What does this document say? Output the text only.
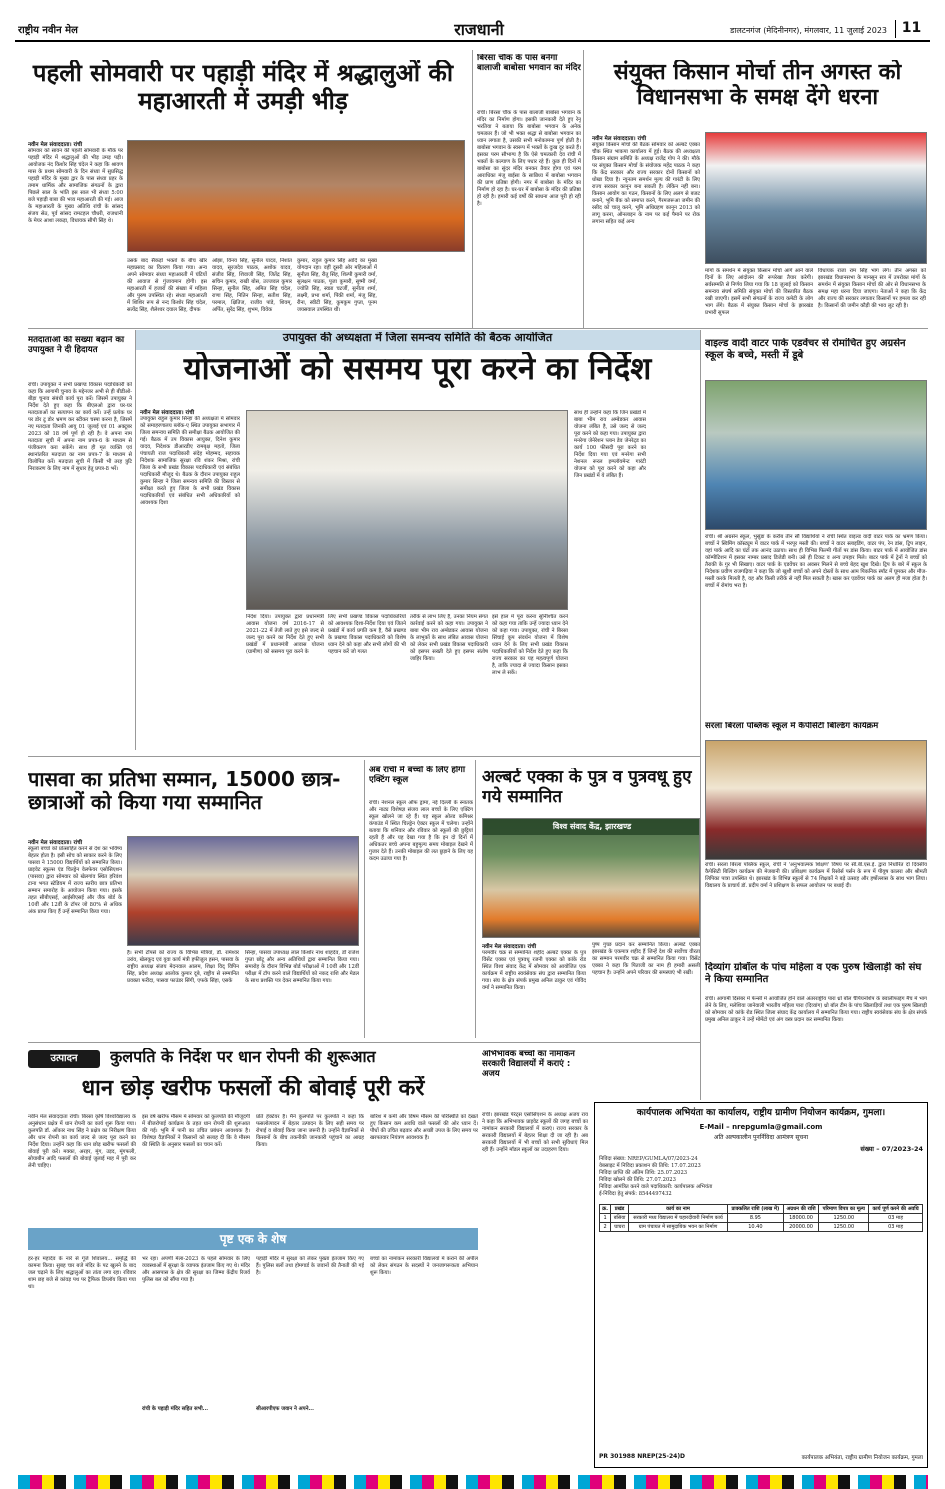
राष्ट्रीय नवीन मेल	राजधानी	डालटनगंज (मेदिनीनगर), मंगलवार, 11 जुलाई 2023	11
पहली सोमवारी पर पहाड़ी मंदिर में श्रद्धालुओं की महाआरती में उमड़ी भीड़
नवीन मेल संवाददाता। रांची
सोमवार को सावन की पहली सोमवारी के मौके पर पहाड़ी मंदिर में श्रद्धालुओं की भीड़ उमड़ पड़ी। आयोजक नंद किशोर सिंह चंदेल ने कहा कि श्रावण मास के प्रथम सोमवारी के दिन संध्या में सुप्रसिद्ध पहाड़ी मंदिर के मुख्य द्वार के पास संध्या प्रहर के तमाम धार्मिक और सामाजिक संगठनों के द्वारा पिछले साल के भांति इस साल भी संध्या 5:00 बजे पहाड़ी बाबा की भव्य महाआरती की गई। आज के महाआरती के मुख्य अतिथि रांची के सांसद संजय सेठ, पूर्व सांसद रामटहल चौधरी, राजधानी के मेयर आशा लकड़ा, विधायक सीपी सिंह थे।
उसके बाद सैकड़ों भक्तों के बीच खीर महाप्रसाद का वितरण किया गया। अन्य अपने सोमवार संध्या महाआरती में घंटियों की आवाज से गुंजायमान होगी। इस महाआरती में हजारों की संख्या में महिला और पुरुष उपस्थित रहे। संध्या महाआरती में शिशिर रूप से नन्द किशोर सिंह चंदेल, सत्येंद्र सिंह, शैलेश्वर दयाल सिंह, दीपक
ओझा, विनय सिंह, सुनील यादव, निशांत यादव, सूरजदेव पाठक, अशोक यादव, संजीव सिंह, शिवाजी सिंह, जितेंद्र सिंह, सचिन कुमार, राखी बोस, उज्जवल कुमार सिन्हा, सुनील सिंह, अमित सिंह चंदेल, राणा सिंह, नितिन सिन्हा, सतीश सिंह, परमाल, क्षितिज, राजीव पांडे, शिवम्, अर्पित, सुरेंद्र सिंह, शुभम, विवेक
कुमार, राहुल कुमार सिंह आदि का मुख्य योगदान रहा। वहीं दूसरी ओर महिलाओं में सुनीता सिंह, रीतू सिंह, शिल्पी कुमारी वर्मा, सुलक्षन पाठक, पूजा कुमारी, सुष्मी वर्मा, ज्योति सिंह, स्वप्ना चटर्जी, सुनीता शर्मा, लक्ष्मी, प्रभा शर्मा, पिंकी शर्मा, मंजू सिंह, रीना, स्वीटी सिंह, कुमकुम गुप्ता, पूनम जयसवाल उपस्थित थीं।
बिरसा चौक के पास बनेगा बालाजी बाबोसा भगवान का मंदिर
रांची। बिरसा चौक के पास बालाजी बाबोसा भगवान के मंदिर का निर्माण होगा। इसकी जानकारी देते हुए रेनू भरतिया ने बताया कि बाबोसा भगवान के अनेक चमत्कार हैं। जो भी भक्त श्रद्धा से बाबोसा भगवान का ध्यान लगाता है, उसकी सभी मनोकामना पूर्ण होती है। बाबोसा भगवान के स्वरूप में भक्तों के दुःख दूर करते हैं। इसका परम सौभाग्य है कि ऐसे चमत्कारी देव रांची में भक्तों के कल्याण के लिए पधार रहे हैं। कुछ ही दिनों में बाबोसा का सुंदर मंदिर बनकर तैयार होगा एवं परम आराधिका मंजू बाईसा के सान्निध्य में बाबोसा भगवान की प्राण प्रतिष्ठा होगी। नगर में बाबोसा के मंदिर का निर्माण हो रहा है। घर-घर में बाबोसा के मंदिर की प्रतिष्ठा हो रही है। हमारी कई वर्षों की साधना आज पूरी हो रही है।
संयुक्त किसान मोर्चा तीन अगस्त को विधानसभा के समक्ष देंगे धरना
नवीन मेल संवाददाता। रांची
संयुक्त किसान मोर्चा की बैठक सोमवार को अल्बर्ट एक्का चौक स्थित भाकपा कार्यालय में हुई। बैठक की अध्यक्षता किसान संग्राम समिति के अध्यक्ष राजेंद्र गोप ने की। मौके पर संयुक्त किसान मोर्चा के संयोजक महेंद्र पाठक ने कहा कि केंद्र सरकार और राज्य सरकार दोनों किसानों को धोखा दिया है। न्यूनतम समर्थन मूल्य की गारंटी के लिए राज्य सरकार कानून बना सकती है। लेकिन नहीं बना। किसान आयोग का गठन, किसानों के लिए अलग से बजट बनाने, भूमि बैंक को समाप्त करने, गैरमजरूआ जमीन की रसीद को चालू करने, भूमि अधिग्रहण कानून 2013 को लागू करना, ऑनलाइन के नाम पर कई पैमाने पर रोक लगाना सहित कई अन्य
मांगों के समर्थन में संयुक्त किसान मोर्चा आगे आने वाले दिनों के लिए आंदोलन की रूपरेखा तैयार करेगी। सर्वसम्मति से निर्णय लिया गया कि 18 जुलाई को किसान समन्वय संघर्ष समिति संयुक्त मोर्चा की विस्तारित बैठक रखी जाएगी। इसमें सभी संगठनों के राज्य कमेटी के लोग भाग लेंगे। बैठक में संयुक्त किसान मोर्चा के झारखंड प्रभारी सुफल
विधायक राजा राम सिंह भाग लेंगे। तीन अगस्त को झारखंड विधानसभा के मानसून सत्र में उपरोक्त मांगों के समर्थन में संयुक्त किसान मोर्चा की ओर से विधानसभा के समक्ष महा धरना दिया जाएगा। नेताओं ने कहा कि केंद्र और राज्य की सरकार लगातार किसानों पर हमला कर रही है। किसानों की जमीन कौड़ी की भाव लूट रही है।
मतदाताओं की संख्या बढ़ाने का उपायुक्त ने दी हिदायत
रांची। उपायुक्त ने सभी प्रखण्ड विकास पदाधिकारी को कहा कि आगामी चुनाव के मद्देनजर अभी से ही बीडीओ-बीड़ा चुनाव संबंधी कार्य पूरा करें। जिसमें उपायुक्त ने निर्देश देते हुए कहा कि बीएलओ द्वारा घर-घर मतदाताओं का सत्यापन का कार्य करें। उन्हें प्रत्येक घर पर डोर टू डोर भ्रमण कर स्टीकर चस्पा करना है, जिसमें नए मतदाता जिनकी आयु 01 जुलाई एवं 01 अक्टूबर 2023 को 18 वर्ष पूर्ण हो रही है। वे अपना नाम मतदाता सूची में अपना नाम प्रपत्र-6 के माध्यम से पंजीकरण करा सकेंगे। साथ ही मृत व्यक्ति एवं स्थानांतरित मतदाता का नाम प्रपत्र-7 के माध्यम से विलोपित करें। मतदाता सूची में किसी भी तरह त्रुटि निराकरण के लिए नाम में सुधार हेतु प्रपत्र-8 भरें।
उपायुक्त की अध्यक्षता में जिला समन्वय समिति की बैठक आयोजित
योजनाओं को ससमय पूरा करने का निर्देश
नवीन मेल संवाददाता। रांची
उपायुक्त राहुल कुमार सिन्हा की अध्यक्षता में सोमवार को समाहरणालय ब्लॉक-ए स्थित उपायुक्त सभागार में जिला समन्वय समिति की समीक्षा बैठक आयोजित की गई। बैठक में उप विकास आयुक्त, दिनेश कुमार यादव, निदेशक डीआरडीए रामबृक्ष महतो, जिला पंचायती राज पदाधिकारी संदेह मोहम्मद, सहायक निदेशक सामाजिक सुरक्षा रवि शंकर मिश्रा, रांची जिला के सभी प्रखंड विकास पदाधिकारी एवं संबंधित पदाधिकारी मौजूद थे। बैठक के दौरान उपायुक्त राहुल कुमार सिन्हा ने जिला समन्वय समिति की विस्तार से समीक्षा करते हुए जिला के सभी प्रखंड विकास पदाधिकारियों एवं संबंधित सभी अधिकारियों को आवश्यक दिशा
निर्देश दिया। उपायुक्त द्वारा प्रधानमंत्री आवास योजना वर्ष 2016-17 से 2021-22 में तेजी लाते हुए इसे जल्द से जल्द पूरा करने का निर्देश देते हुए सभी प्रखंडों में प्रधानमंत्री आवास योजना (ग्रामीण) को ससमय पूरा करने के
लिए सभी प्रखण्ड विकास पदाधिकारियों को आवश्यक दिशा-निर्देश दिया एवं जितने प्रखंडों में कार्य प्रगति कम है, वैसे प्रखण्ड के प्रखण्ड विकास पदाधिकारी को विशेष ध्यान देने को कहा और सभी लोगों की भी पहचान करें जो गलत
तरीके से लाभ लिए हैं, उनका नियम संगत कार्रवाई करने को कहा गया। उपायुक्त ने बाबा भीम राव अम्बेडकर आवास योजना के लाभुकों के साथ लंबित आवास योजना को लेकर सभी प्रखंड विकास पदाधिकारी को इसपर सख्ती देते हुए इसपर संतोष जाहिर किया।
साथ ही उन्होंने कहा कि जिन प्रखंडों में बाबा भीम राव अम्बेडकर आवास योजना लंबित है, उसे जल्द से जल्द पूरा करने को कहा गया। उपायुक्त द्वारा मनरेगा जेनेरेशन प्लान डेव जेनरेट्ड का कार्य 100 फीसदी पूरा करने का निर्देश दिया गया एवं मनरेगा सभी नेशनल रूरल इम्प्लॉयमेन्ट गारंटी योजना को पूरा करने को कहा और जिन प्रखंडों में ये लंबित हैं।
इसे हाल में पूरा करना सुनिश्चित करने को कहा गया ताकि उन्हें ज्यादा ध्यान देने को कहा गया। उपायुक्त, रांची ने बिरसा सिंचाई कूप संवर्धन योजना में विशेष ध्यान देने के लिए सभी प्रखंड विकास पदाधिकारियों को निर्देश देते हुए कहा कि राज्य सरकार का यह महत्वपूर्ण योजना है, ताकि ज्यादा से ज्यादा किसान इसका लाभ ले सकें।
वाइल्ड वादी वाटर पार्क एडवेंचर से रोमांचित हुए अग्रसेन स्कूल के बच्चे, मस्ती में डूबे
रांची। श्री अग्रसेन स्कूल, भुसुंडा के करीब तीन सौ विद्यार्थियों ने रांची स्थित वाइल्ड वादी वाटर पार्क का भ्रमण किया। बच्चों ने स्विमिंग कॉस्ट्यूम में वाटर पार्क में भरपूर मस्ती की। बच्चों ने वाटर स्लाइडिंग, वाटर पंप, रेन डांस, ट्रिप लाइन, वहां पार्क आदि का घंटों तक आनंद उठाया। साथ ही विभिन्न फिल्मी गीतों पर डांस किया। बाटर पार्क में आयोजित डांस कॉम्पीटिशन में इसका नाम्बर प्रसाद डिजेडी बनी। उसे ही टिकट व अन्य उपहार मिले। बाटर पार्क में ट्रेनों ने बच्चों को तैराकी के गुर भी सिखाए। वाटर पार्क के एडवेंचर का अवसर मिलने से बच्चे बेहद खुश दिखे। ट्रिप के बारे में स्कूल के निदेशक प्रवीण राजगढ़िया ने कहा कि जो खुशी बच्चों को अपने दोस्तों के साथ आम पिकनिक स्पॉट में घूमकर और मौज-मस्ती करके मिलती है, वह और किसी तरीके से नहीं मिल सकती है। खास कर एडवेंचर पार्क का अलग ही मजा होता है। बच्चों में रोमांच भरा है।
सरला बिरला पब्लिक स्कूल में कैपेसिटी बिल्डिंग कार्यक्रम
रांची। सरला बिरला पब्लिक स्कूल, रांची ने 'अनुभवात्मक शिक्षण' विषय पर सी.बी.एस.ई. द्वारा निर्धारित दो दिवसीय कैपेसिटी बिल्डिंग कार्यक्रम की मेजबानी की। प्रशिक्षण कार्यक्रम में रिसोर्स पर्सन के रूप में पीयूष कालरा और श्रीमती लिपिका पात्रा उपस्थित थे। झारखंड के विभिन्न स्कूलों से 74 शिक्षकों ने बड़े उत्साह और हर्षोल्लास के साथ भाग लिया। विद्यालय के प्राचार्य डॉ. प्रदीप वर्मा ने प्रशिक्षण के सफल आयोजन पर बधाई दी।
दिव्यांग ग्रोबॉल के पांच महिला व एक पुरुष खिलाड़ी को संघ ने किया सम्मानित
रांची। आगामी दिसंबर में फेन्सी में आयोजित होने वाले अंतरराष्ट्रीय पारा थ्रो बॉल चैंपियनशिप के क्वालीफाइंग मैच में भाग लेने के लिए, मलेशिया जानेवाली भारतीय महिला पारा (दिव्यांग) थ्रो बॉल टीम के पांच खिलाड़ियों तथा एक पुरुष खिलाड़ी को सोमवार को कांके रोड स्थित जिला संघाद केंद्र कार्यालय में सम्मानित किया गया। राष्ट्रीय स्वयंसेवक संघ के क्षेत्र संपर्क प्रमुख अनिल ठाकुर ने उन्हें मोमेंटो एवं अंग वस्त्र प्रदान कर सम्मानित किया।
पासवा का प्रतिभा सम्मान, 15000 छात्र-छात्राओं को किया गया सम्मानित
नवीन मेल संवाददाता। रांची
स्कूलों बच्चों को प्रोत्साहित करने से देश का भविष्य बेहतर होता है। इसी सोच को साकार करने के लिए पासवा ने 15000 विद्यार्थियों को सम्मानित किया। प्राइवेट स्कूल्स एंड चिल्ड्रेन वेलफेयर एसोसिएशन (पासवा) द्वारा सोमवार को खेलगांव स्थित हरिवंश टाना भगत स्टेडियम में राज्य स्तरीय छात्र प्रतिभा सम्मान समारोह के आयोजन किया गया। इसके तहत सीबीएसई, आईसीएसई और जैक बोर्ड के 10वीं और 12वीं के टॉपर जो 80% से अधिक अंक प्राप्त किए हैं उन्हें सम्मानित किया गया।
है। सभी टॉपर्स को राज्य के विभिन्न मंत्रियों, डॉ. रामेश्वर उरांव, खेलकूद एवं युवा कार्य मंत्री हफीजुल हसन, पासवा के राष्ट्रीय अध्यक्ष संजय मेदनवाल आलम, शिक्षा विद् विपिन सिंह, प्रदेश अध्यक्ष आलोक कुमार दूबे, राष्ट्रीय से सम्मानित प्रवक्ता फरीदा, पासवा फाउंडर सिंगी, एफके सिंहा, एसके
सिन्हा, पासवा उपाध्यक्ष लाल किशोर नाथ शाहदेव, डॉ राजेश गुप्ता छोटू और अन्य अतिथियों द्वारा सम्मानित किया गया। समारोह के दौरान विभिन्न बोर्ड परीक्षाओं में 10वीं और 12वीं परीक्षा में टॉप करने वाले विद्यार्थियों को नकद राशि और मेडल के साथ प्रशस्ति पत्र देकर सम्मानित किया गया।
अब रांची में बच्चों के लिए होगा एक्टिंग स्कूल
रांची। नेशनल स्कूल ऑफ ड्रामा, नई दिल्ली के स्नातक और नाट्य विशेषज्ञ संजय लाल बच्चों के लिए एक्टिंग स्कूल खोलने जा रहे हैं। यह स्कूल ओल्ड कमिश्नर कंपाउंड में स्थित चिल्ड्रेन ऐक्टर स्कूल में चलेगा। उन्होंने बताया कि शनिवार और रविवार को स्कूलों की छुट्टियां रहती हैं और यह देखा गया है कि इन दो दिनों में अधिकतर बच्चे अपना बहुमूल्य समय मोबाइल देखने में गुजार देते हैं। उनकी मोबाइल की लत छुड़ाने के लिए यह कदम उठाया गया है।
अल्बर्ट एक्का के पुत्र व पुत्रवधू हुए गये सम्मानित
विश्व संवाद केंद्र, झारखण्ड
नवीन मेल संवाददाता। रांची
परमवीर चक्र से सम्मानित शहीद अल्बर्ट एक्का के पुत्र विंसेंट एक्का एवं पुत्रवधू रजनी एक्का को कांके रोड स्थित विश्व संवाद केंद्र में सोमवार को आयोजित एक कार्यक्रम में राष्ट्रीय स्वयंसेवक संघ द्वारा सम्मानित किया गया। संघ के क्षेत्र संपर्क प्रमुख अनिल ठाकुर एवं गोविंद वर्मा ने सम्मानित किया।
पुष्प गुच्छ प्रदान कर सम्मानित किया। अल्बर्ट एक्का झारखंड के एकमात्र शहीद हैं जिन्हें देश की सर्वोच्च वीरता का सम्मान परमवीर चक्र से सम्मानित किया गया। विंसेंट एक्का ने कहा कि पिताजी का नाम ही हमारी असली पहचान है। उन्होंने अपने परिवार की समस्याएं भी रखीं।
उत्पादन	कुलपति के निर्देश पर धान रोपनी की शुरूआत
धान छोड़ खरीफ फसलों की बोवाई पूरी करें
नवीन मेल संवाददाता रांची। बिरसा कृषि विश्वविद्यालय के अनुसंधान प्रक्षेत्र में धान रोपनी का कार्य शुरू किया गया। कुलपति डॉ. ओंकार नाथ सिंह ने प्रक्षेत्र का निरीक्षण किया और धान रोपनी का कार्य जल्द से जल्द पूरा करने का निर्देश दिया। उन्होंने कहा कि धान छोड़ खरीफ फसलों की बोवाई पूरी करें। मक्का, अरहर, मूंग, उड़द, मूंगफली, सोयाबीन आदि फसलों की बोवाई जुलाई माह में पूरी कर लेनी चाहिए।
इस वर्ष खरीफ मौसम में सोमवार को कुलपति की मौजूदगी में बीजरोपाई कार्यक्रम के तहत धान रोपनी की शुरूआत की गई। भूमि में पानी का उचित प्रबंधन आवश्यक है। विशेषज्ञ वैज्ञानिकों ने किसानों को सलाह दी कि वे मौसम की स्थिति के अनुसार फसलों का चयन करें।
प्रति हेक्टेयर है। मैंने कुलपति पर कुलपति ने कहा कि फसलोत्पादन में बेहतर उत्पादन के लिए सही समय पर रोपाई व बोवाई किया जाना जरूरी है। उन्होंने वैज्ञानिकों से किसानों के बीच तकनीकी जानकारी पहुंचाने का आग्रह किया।
बारिश में कमी और विषम मौसम की परिस्थिति को देखते हुए किसान कम अवधि वाले फसलों की ओर ध्यान दें। पौधों की उचित बढ़वार और अच्छी उपज के लिए समय पर खरपतवार नियंत्रण आवश्यक है।
पृष्ट एक के शेष
हर-हर महादेव के नारे से गूंजे शिवालय... समृद्धि की कामना किया। सुबह चार बजे मंदिर के पट खुलने के बाद जल चढ़ाने के लिए श्रद्धालुओं का तांता लगा रहा। रविवार शाम छह बजे से कांवड़ पथ पर ट्रैफिक डिप्लॉय किया गया था।
भर रहा। अपणी मेला-2023 के पहले सोमवार के लिए व्यवस्थाओं में सुरक्षा के व्यापक इंतजाम किए गए थे। मंदिर और आसपास के क्षेत्र की सुरक्षा का जिम्मा केंद्रीय रिजर्व पुलिस बल को सौंपा गया है।
रांची के पहाड़ी मंदिर सहित सभी...
पहाड़ी मंदिर में सुरक्षा को लेकर पुख्ता इंतजाम किए गए हैं। पुलिस बलोंं तथा होमगार्ड के जवानों की तैनाती की गई है।
सीआरपीएफ जवान ने अपने...
बच्चों का नामांकन सरकारी विद्यालयों में कराने की अपील को लेकर संगठन के सदस्यों ने जनजागरूकता अभियान शुरू किया।
अभिभावक बच्चों का नामांकन सरकारी विद्यालयों में कराएं : अजय
रांची। झारखंड पेरेंट्स एसोसिएशन के अध्यक्ष अजय राय ने कहा कि अभिभावक प्राइवेट स्कूलों की जगह बच्चों का नामांकन सरकारी विद्यालयों में कराएं। राज्य सरकार के सरकारी विद्यालयों में बेहतर शिक्षा दी जा रही है। अब सरकारी विद्यालयों में भी बच्चों को सभी सुविधाएं मिल रही हैं। उन्होंने मॉडल स्कूलों का उदाहरण दिया।
कार्यपालक अभियंता का कार्यालय, राष्ट्रीय ग्रामीण नियोजन कार्यक्रम, गुमला।
E-Mail – nrepgumla@gmail.com
अति अल्पकालीन पुनर्निविदा आमंत्रण सूचना
संख्या – 07/2023-24
निविदा संख्या: NREP/GUMLA/07/2023-24
वेबसाइट में निविदा प्रकाशन की तिथि: 17.07.2023
निविदा प्राप्ति की अंतिम तिथि: 25.07.2023
निविदा खोलने की तिथि: 27.07.2023
निविदा आमंत्रित करने वाले पदाधिकारी: कार्यपालक अभियंता
ई-निविदा हेतु संपर्क: 8544497432
क्र.	प्रखंड	कार्य का नाम	प्राक्कलित राशि (लाख में)	अग्रधन की राशि	परिमाण विपत्र का मूल्य	कार्य पूर्ण करने की अवधि
1	बसिया	सरकारी मध्य विद्यालय में चहारदीवारी निर्माण कार्य	8.95	18000.00	1250.00	03 माह
2	घाघरा	ग्राम पंचायत में सामुदायिक भवन का निर्माण	10.40	20000.00	1250.00	03 माह
PR 301988 NREP(25-24)D	कार्यपालक अभियंता, राष्ट्रीय ग्रामीण नियोजन कार्यक्रम, गुमला
